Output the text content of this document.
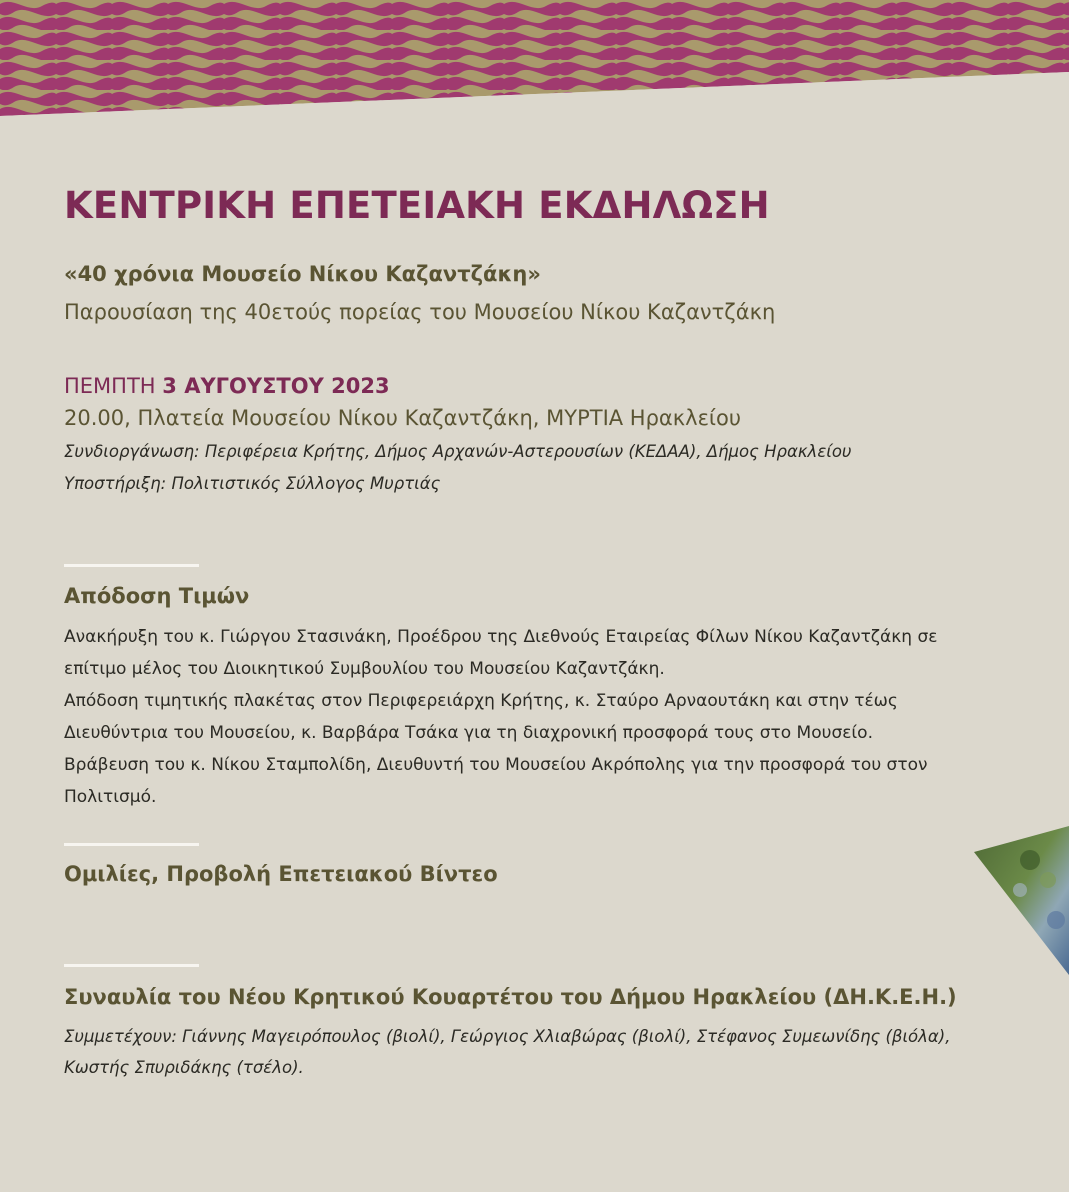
ΚΕΝΤΡΙΚΗ ΕΠΕΤΕΙΑΚΗ ΕΚΔΗΛΩΣΗ
«40 χρόνια Μουσείο Νίκου Καζαντζάκη»
Παρουσίαση της 40ετούς πορείας του Μουσείου Νίκου Καζαντζάκη
ΠΕΜΠΤΗ 3 ΑΥΓΟΥΣΤΟΥ 2023
20.00, Πλατεία Μουσείου Νίκου Καζαντζάκη, ΜΥΡΤΙΑ Ηρακλείου
Συνδιοργάνωση: Περιφέρεια Κρήτης, Δήμος Αρχανών-Αστερουσίων (ΚΕΔΑΑ), Δήμος Ηρακλείου
Υποστήριξη: Πολιτιστικός Σύλλογος Μυρτιάς
Απόδοση Τιμών
Ανακήρυξη του κ. Γιώργου Στασινάκη, Προέδρου της Διεθνούς Εταιρείας Φίλων Νίκου Καζαντζάκη σε
επίτιμο μέλος του Διοικητικού Συμβουλίου του Μουσείου Καζαντζάκη.
Απόδοση τιμητικής πλακέτας στον Περιφερειάρχη Κρήτης, κ. Σταύρο Αρναουτάκη και στην τέως
Διευθύντρια του Μουσείου, κ. Βαρβάρα Τσάκα για τη διαχρονική προσφορά τους στο Μουσείο.
Βράβευση του κ. Νίκου Σταμπολίδη, Διευθυντή του Μουσείου Ακρόπολης για την προσφορά του στον
Πολιτισμό.
Ομιλίες, Προβολή Επετειακού Βίντεο
Συναυλία του Νέου Κρητικού Κουαρτέτου του Δήμου Ηρακλείου (ΔΗ.Κ.Ε.Η.)
Συμμετέχουν: Γιάννης Μαγειρόπουλος (βιολί), Γεώργιος Χλιαβώρας (βιολί), Στέφανος Συμεωνίδης (βιόλα),
Κωστής Σπυριδάκης (τσέλο).
